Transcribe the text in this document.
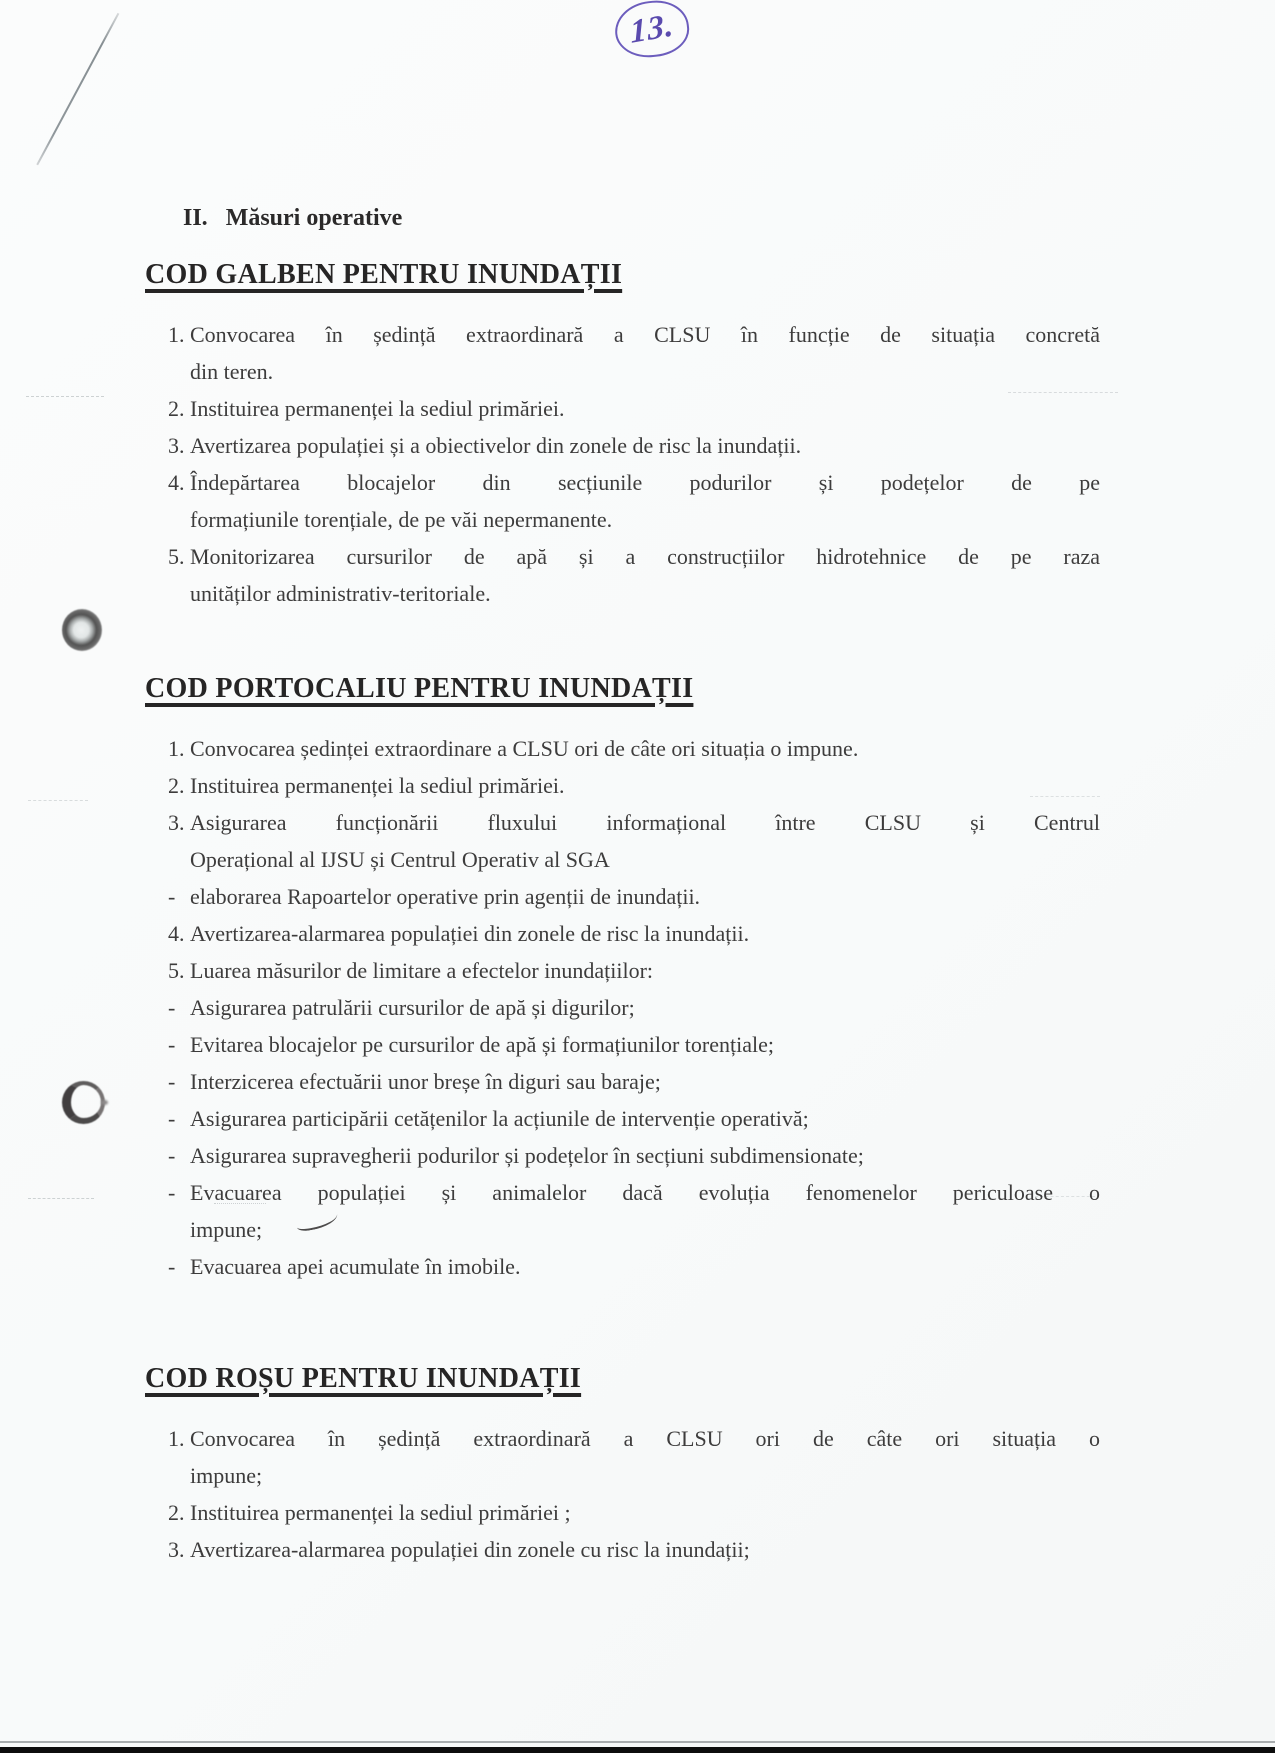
13.
II. Măsuri operative
COD GALBEN PENTRU INUNDAȚII
1. Convocarea în ședință extraordinară a CLSU în funcție de situația concretă
din teren.
2. Instituirea permanenței la sediul primăriei.
3. Avertizarea populației și a obiectivelor din zonele de risc la inundații.
4. Îndepărtarea blocajelor din secțiunile podurilor și podețelor de pe
formațiunile torențiale, de pe văi nepermanente.
5. Monitorizarea cursurilor de apă și a construcțiilor hidrotehnice de pe raza
unităților administrativ-teritoriale.
COD PORTOCALIU PENTRU INUNDAȚII
1. Convocarea ședinței extraordinare a CLSU ori de câte ori situația o impune.
2. Instituirea permanenței la sediul primăriei.
3. Asigurarea funcționării fluxului informațional între CLSU și Centrul
Operațional al IJSU și Centrul Operativ al SGA
- elaborarea Rapoartelor operative prin agenții de inundații.
4. Avertizarea-alarmarea populației din zonele de risc la inundații.
5. Luarea măsurilor de limitare a efectelor inundațiilor:
- Asigurarea patrulării cursurilor de apă și digurilor;
- Evitarea blocajelor pe cursurilor de apă și formațiunilor torențiale;
- Interzicerea efectuării unor breșe în diguri sau baraje;
- Asigurarea participării cetățenilor la acțiunile de intervenție operativă;
- Asigurarea supravegherii podurilor și podețelor în secțiuni subdimensionate;
- Evacuarea populației și animalelor dacă evoluția fenomenelor periculoase o
impune;
- Evacuarea apei acumulate în imobile.
COD ROȘU PENTRU INUNDAȚII
1. Convocarea în ședință extraordinară a CLSU ori de câte ori situația o
impune;
2. Instituirea permanenței la sediul primăriei ;
3. Avertizarea-alarmarea populației din zonele cu risc la inundații;
